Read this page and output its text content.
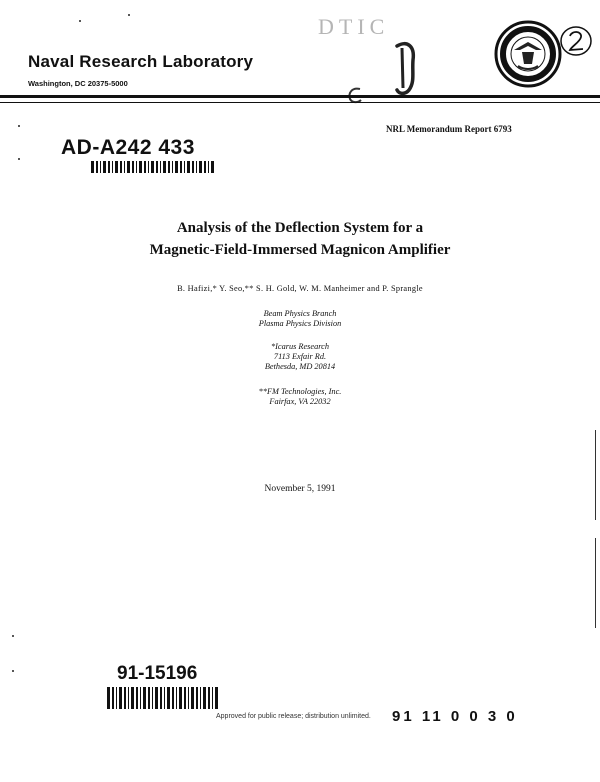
Naval Research Laboratory
Washington, DC 20375-5000
DTIC
NRL Memorandum Report 6793
AD-A242 433
Analysis of the Deflection System for a
Magnetic-Field-Immersed Magnicon Amplifier
B. Hafizi,* Y. Seo,** S. H. Gold, W. M. Manheimer and P. Sprangle
Beam Physics Branch
Plasma Physics Division
*Icarus Research
7113 Exfair Rd.
Bethesda, MD 20814
**FM Technologies, Inc.
Fairfax, VA 22032
November 5, 1991
91-15196
Approved for public release; distribution unlimited. 91 11 0 0 3 0
